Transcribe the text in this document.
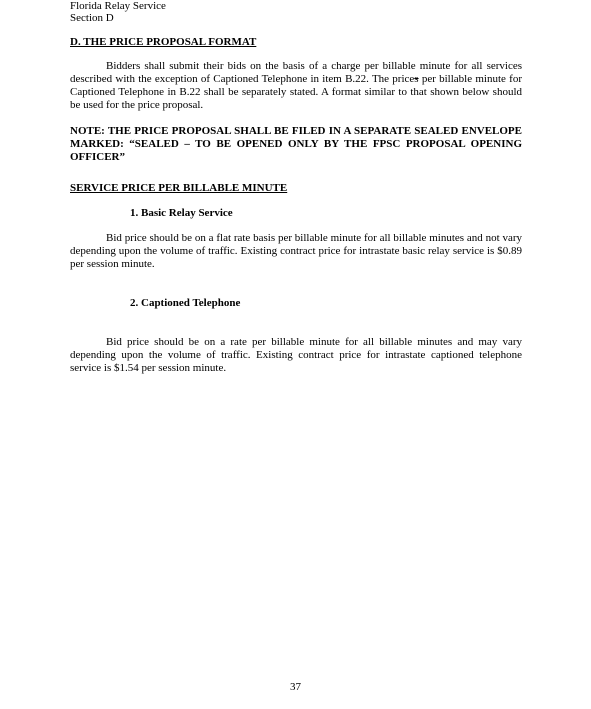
Florida Relay Service
Section D
D. THE PRICE PROPOSAL FORMAT
Bidders shall submit their bids on the basis of a charge per billable minute for all services described with the exception of Captioned Telephone in item B.22. The prices per billable minute for Captioned Telephone in B.22 shall be separately stated. A format similar to that shown below should be used for the price proposal.
NOTE: THE PRICE PROPOSAL SHALL BE FILED IN A SEPARATE SEALED ENVELOPE MARKED: “SEALED – TO BE OPENED ONLY BY THE FPSC PROPOSAL OPENING OFFICER”
SERVICE PRICE PER BILLABLE MINUTE
1. Basic Relay Service
Bid price should be on a flat rate basis per billable minute for all billable minutes and not vary depending upon the volume of traffic. Existing contract price for intrastate basic relay service is $0.89 per session minute.
2. Captioned Telephone
Bid price should be on a rate per billable minute for all billable minutes and may vary depending upon the volume of traffic. Existing contract price for intrastate captioned telephone service is $1.54 per session minute.
37
